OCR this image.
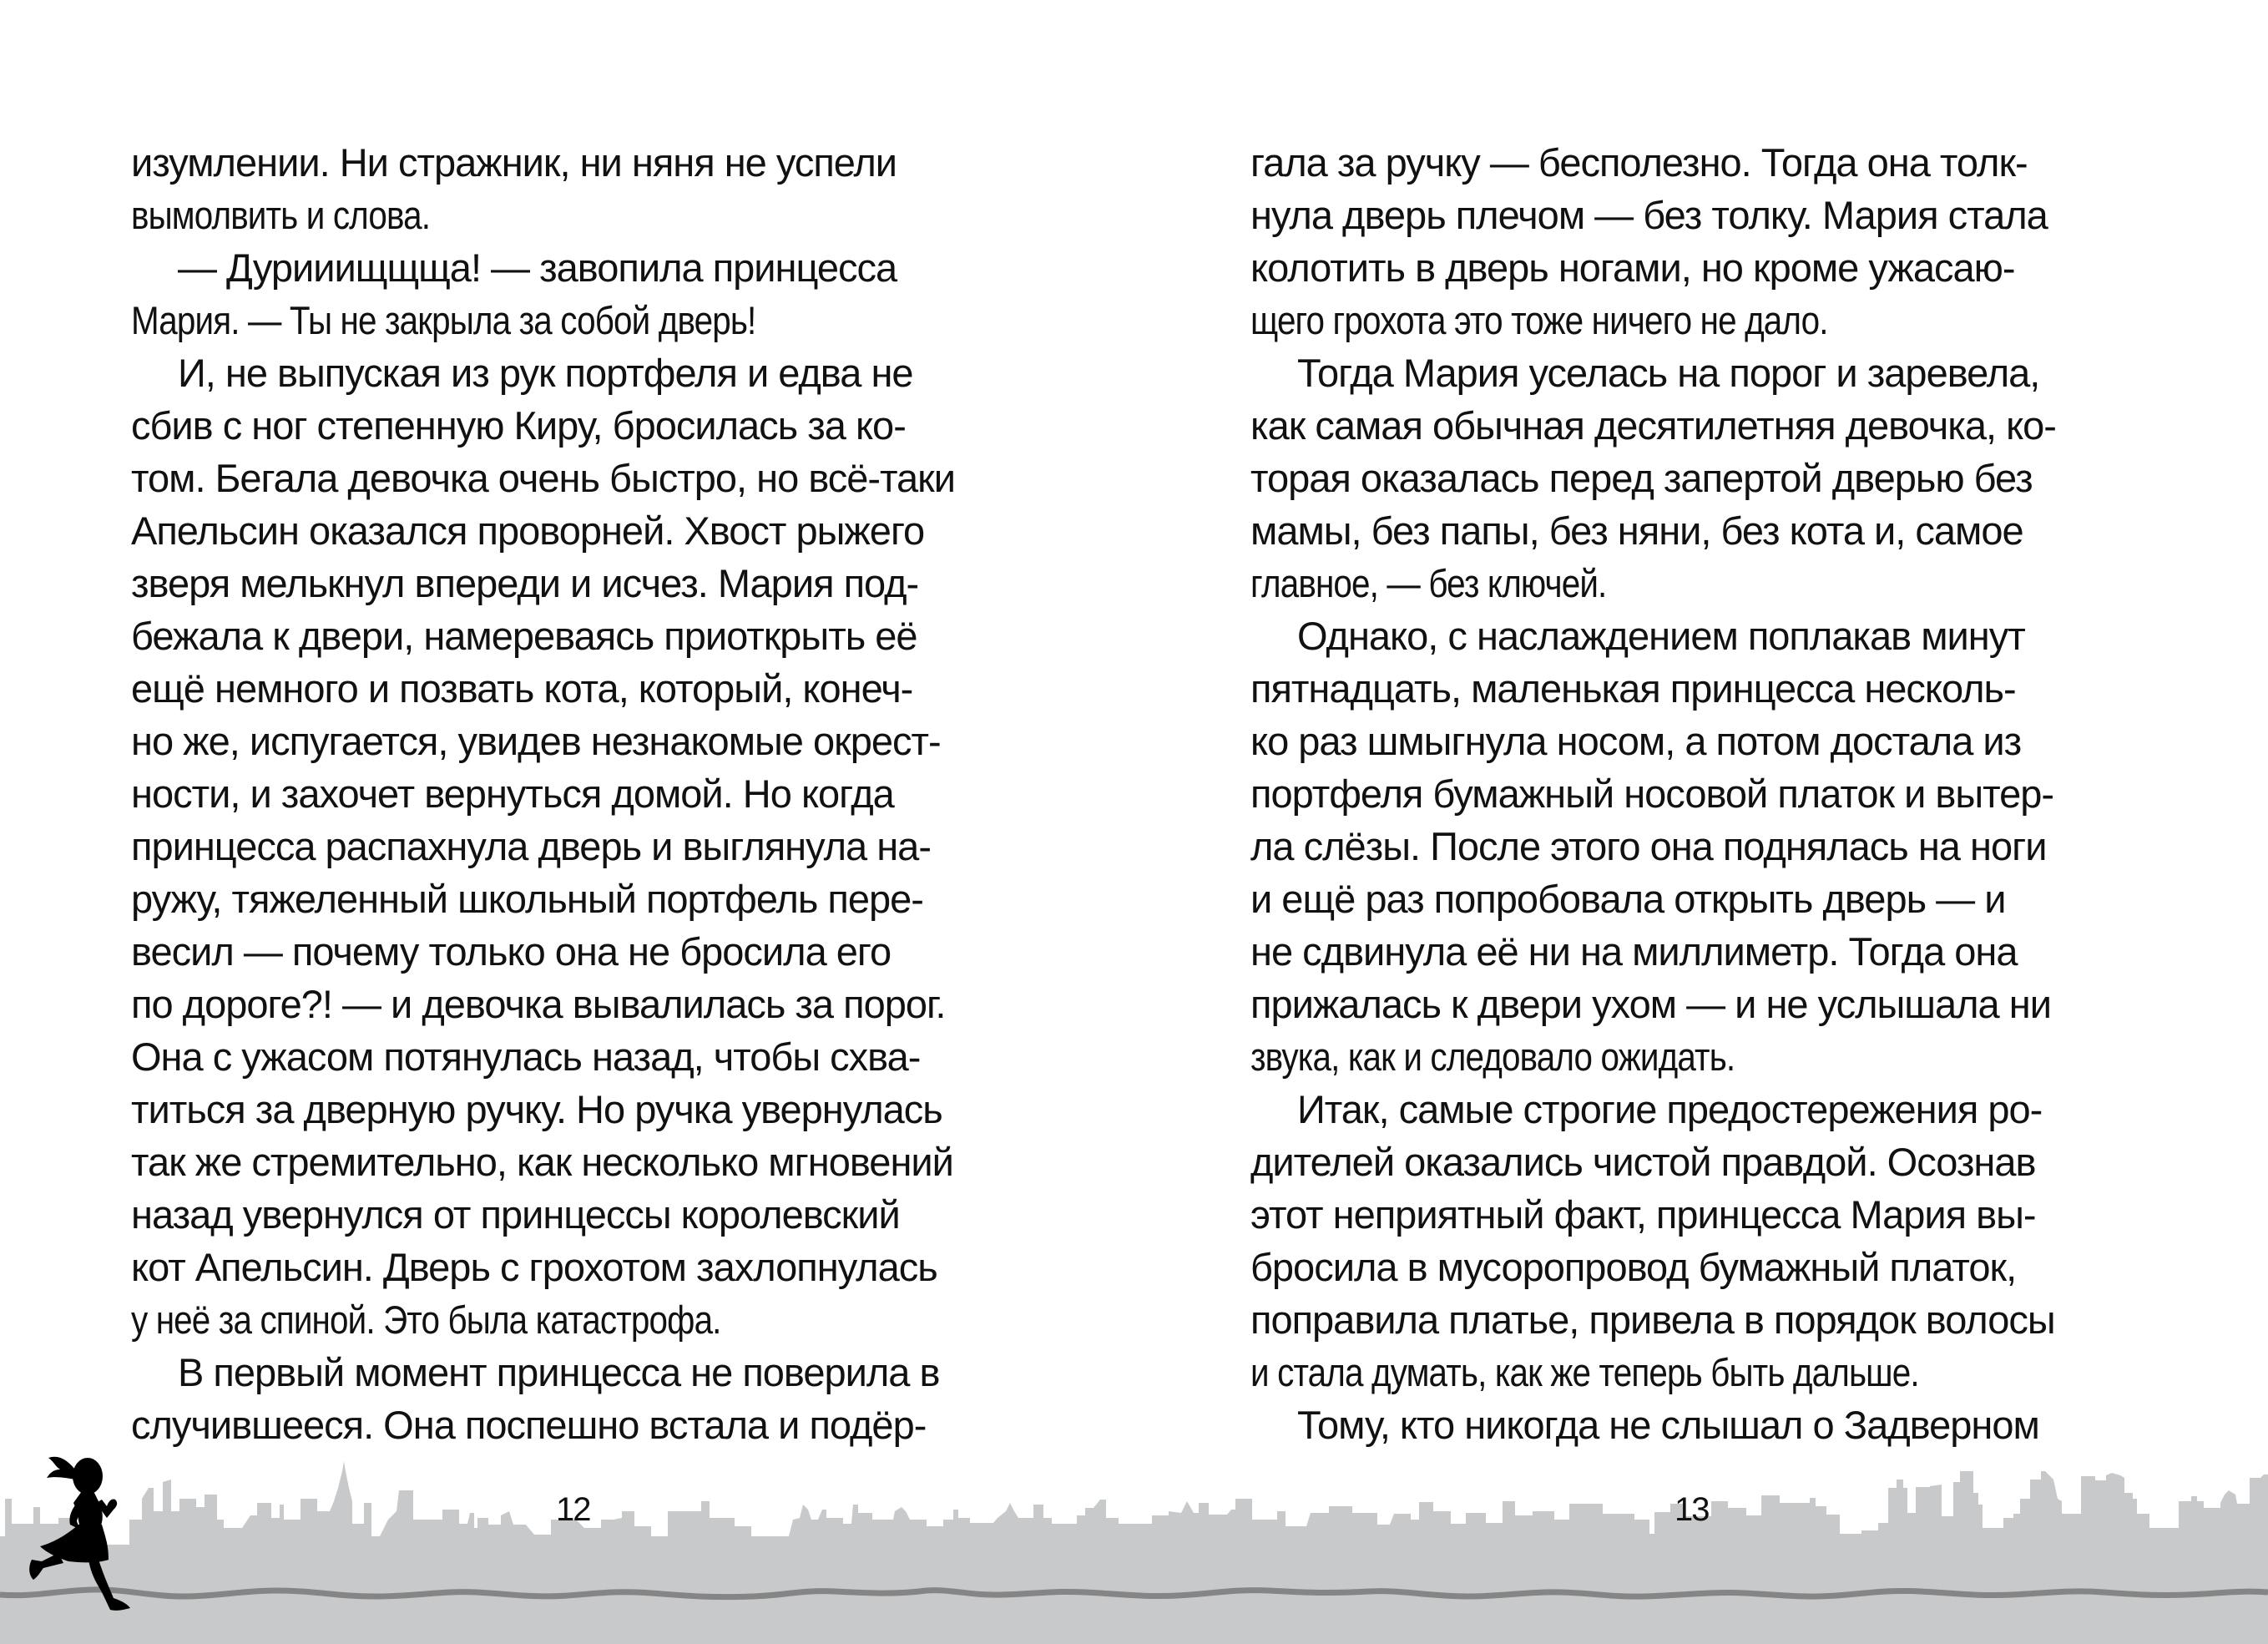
изумлении. Ни стражник, ни няня не успели
вымолвить и слова.
— Дурииищщща! — завопила принцесса
Мария. — Ты не закрыла за собой дверь!
И, не выпуская из рук портфеля и едва не
сбив с ног степенную Киру, бросилась за ко-
том. Бегала девочка очень быстро, но всё-таки
Апельсин оказался проворней. Хвост рыжего
зверя мелькнул впереди и исчез. Мария под-
бежала к двери, намереваясь приоткрыть её
ещё немного и позвать кота, который, конеч-
но же, испугается, увидев незнакомые окрест-
ности, и захочет вернуться домой. Но когда
принцесса распахнула дверь и выглянула на-
ружу, тяжеленный школьный портфель пере-
весил — почему только она не бросила его
по дороге?! — и девочка вывалилась за порог.
Она с ужасом потянулась назад, чтобы схва-
титься за дверную ручку. Но ручка увернулась
так же стремительно, как несколько мгновений
назад увернулся от принцессы королевский
кот Апельсин. Дверь с грохотом захлопнулась
у неё за спиной. Это была катастрофа.
В первый момент принцесса не поверила в
случившееся. Она поспешно встала и подёр-
гала за ручку — бесполезно. Тогда она толк-
нула дверь плечом — без толку. Мария стала
колотить в дверь ногами, но кроме ужасаю-
щего грохота это тоже ничего не дало.
Тогда Мария уселась на порог и заревела,
как самая обычная десятилетняя девочка, ко-
торая оказалась перед запертой дверью без
мамы, без папы, без няни, без кота и, самое
главное, — без ключей.
Однако, с наслаждением поплакав минут
пятнадцать, маленькая принцесса несколь-
ко раз шмыгнула носом, а потом достала из
портфеля бумажный носовой платок и вытер-
ла слёзы. После этого она поднялась на ноги
и ещё раз попробовала открыть дверь — и
не сдвинула её ни на миллиметр. Тогда она
прижалась к двери ухом — и не услышала ни
звука, как и следовало ожидать.
Итак, самые строгие предостережения ро-
дителей оказались чистой правдой. Осознав
этот неприятный факт, принцесса Мария вы-
бросила в мусоропровод бумажный платок,
поправила платье, привела в порядок волосы
и стала думать, как же теперь быть дальше.
Тому, кто никогда не слышал о Задверном
12	13
